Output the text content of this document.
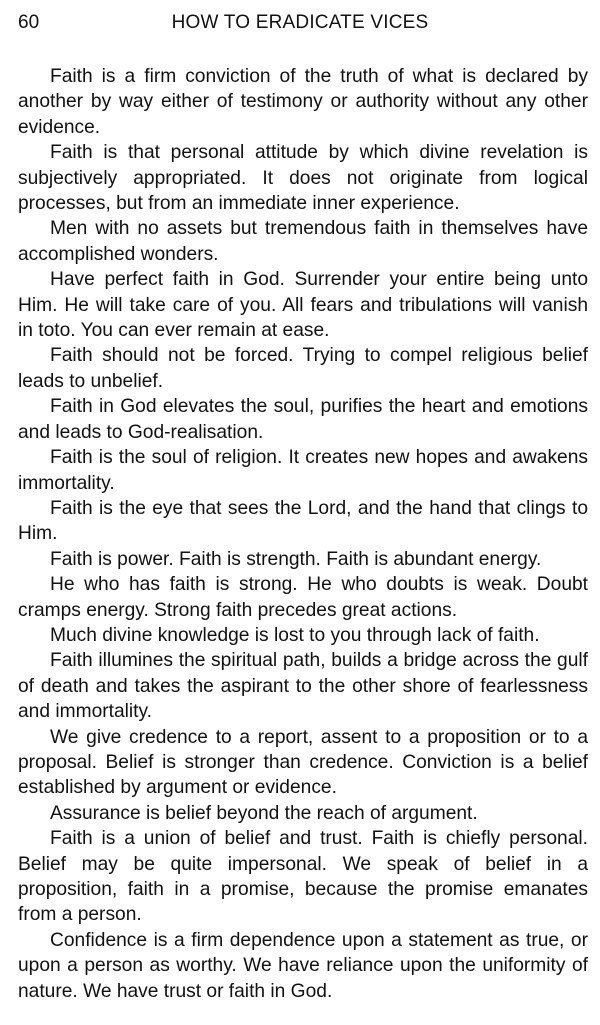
60	HOW TO ERADICATE VICES

Faith is a firm conviction of the truth of what is declared by another by way either of testimony or authority without any other evidence.

Faith is that personal attitude by which divine revelation is subjectively appropriated. It does not originate from logical processes, but from an immediate inner experience.

Men with no assets but tremendous faith in themselves have accomplished wonders.

Have perfect faith in God. Surrender your entire being unto Him. He will take care of you. All fears and tribulations will vanish in toto. You can ever remain at ease.

Faith should not be forced. Trying to compel religious belief leads to unbelief.

Faith in God elevates the soul, purifies the heart and emotions and leads to God-realisation.

Faith is the soul of religion. It creates new hopes and awakens immortality.

Faith is the eye that sees the Lord, and the hand that clings to Him.

Faith is power. Faith is strength. Faith is abundant energy.

He who has faith is strong. He who doubts is weak. Doubt cramps energy. Strong faith precedes great actions.

Much divine knowledge is lost to you through lack of faith.

Faith illumines the spiritual path, builds a bridge across the gulf of death and takes the aspirant to the other shore of fearlessness and immortality.

We give credence to a report, assent to a proposition or to a proposal. Belief is stronger than credence. Conviction is a belief established by argument or evidence.

Assurance is belief beyond the reach of argument.

Faith is a union of belief and trust. Faith is chiefly personal. Belief may be quite impersonal. We speak of belief in a proposition, faith in a promise, because the promise emanates from a person.

Confidence is a firm dependence upon a statement as true, or upon a person as worthy. We have reliance upon the uniformity of nature. We have trust or faith in God.
